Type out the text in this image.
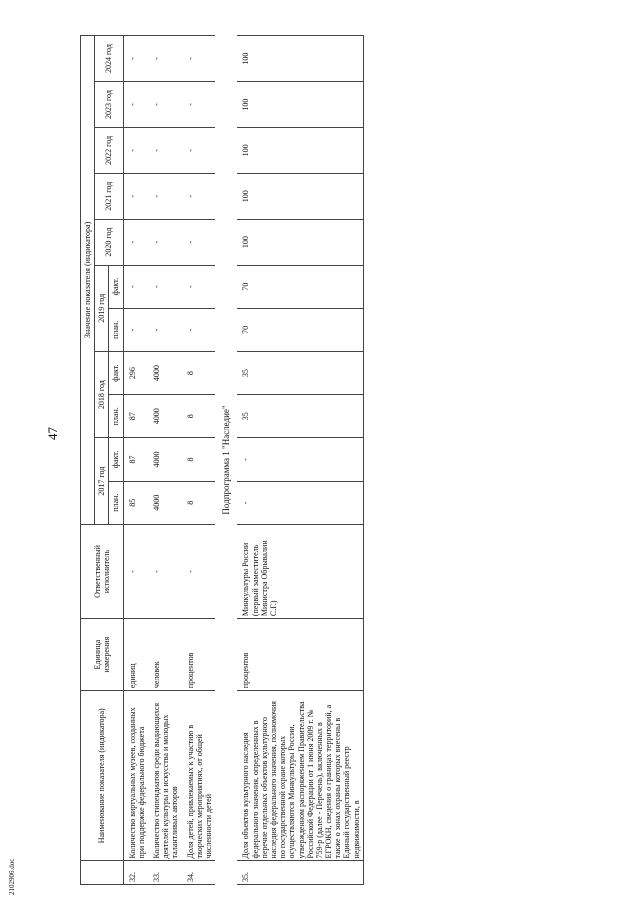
47
2102906.doc
	Наименование показателя (индикатора)	Единица измерения	Ответственный исполнитель	Значение показателя (индикатора)										
				2017 год		2018 год		2019 год		2020 год	2021 год	2022 год	2023 год	2024 год
				план.	факт.	план.	факт.	план.	факт.					

32.	Количество виртуальных музеев, созданных при поддержке федерального бюджета	единиц	-	85	87	87	296	-	-	-	-	-	-	-
33.	Количество стипендиатов среди выдающихся деятелей культуры и искусства и молодых талантливых авторов	человек	-	4000	4000	4000	4000	-	-	-	-	-	-	-
34.	Доля детей, привлекаемых к участию в творческих мероприятиях, от общей численности детей	процентов	-	8	8	8	8	-	-	-	-	-	-	-
Подпрограмма 1 "Наследие"														
35.	Доля объектов культурного наследия федерального значения, определенных в перечне отдельных объектов культурного наследия федерального значения, полномочия по государственной охране которых осуществляются Минкультуры России, утвержденном распоряжением Правительства Российской Федерации от 1 июня 2009 г. № 759-р (далее - Перечень), включенных в ЕГРОКН, сведения о границах территорий, а также о зонах охраны которых внесены в Единый государственный реестр недвижимости, в	процентов	Минкультуры России (первый заместитель Министра Обрывалин С.Г.)	-	-	35	35	70	70	100	100	100	100	100
